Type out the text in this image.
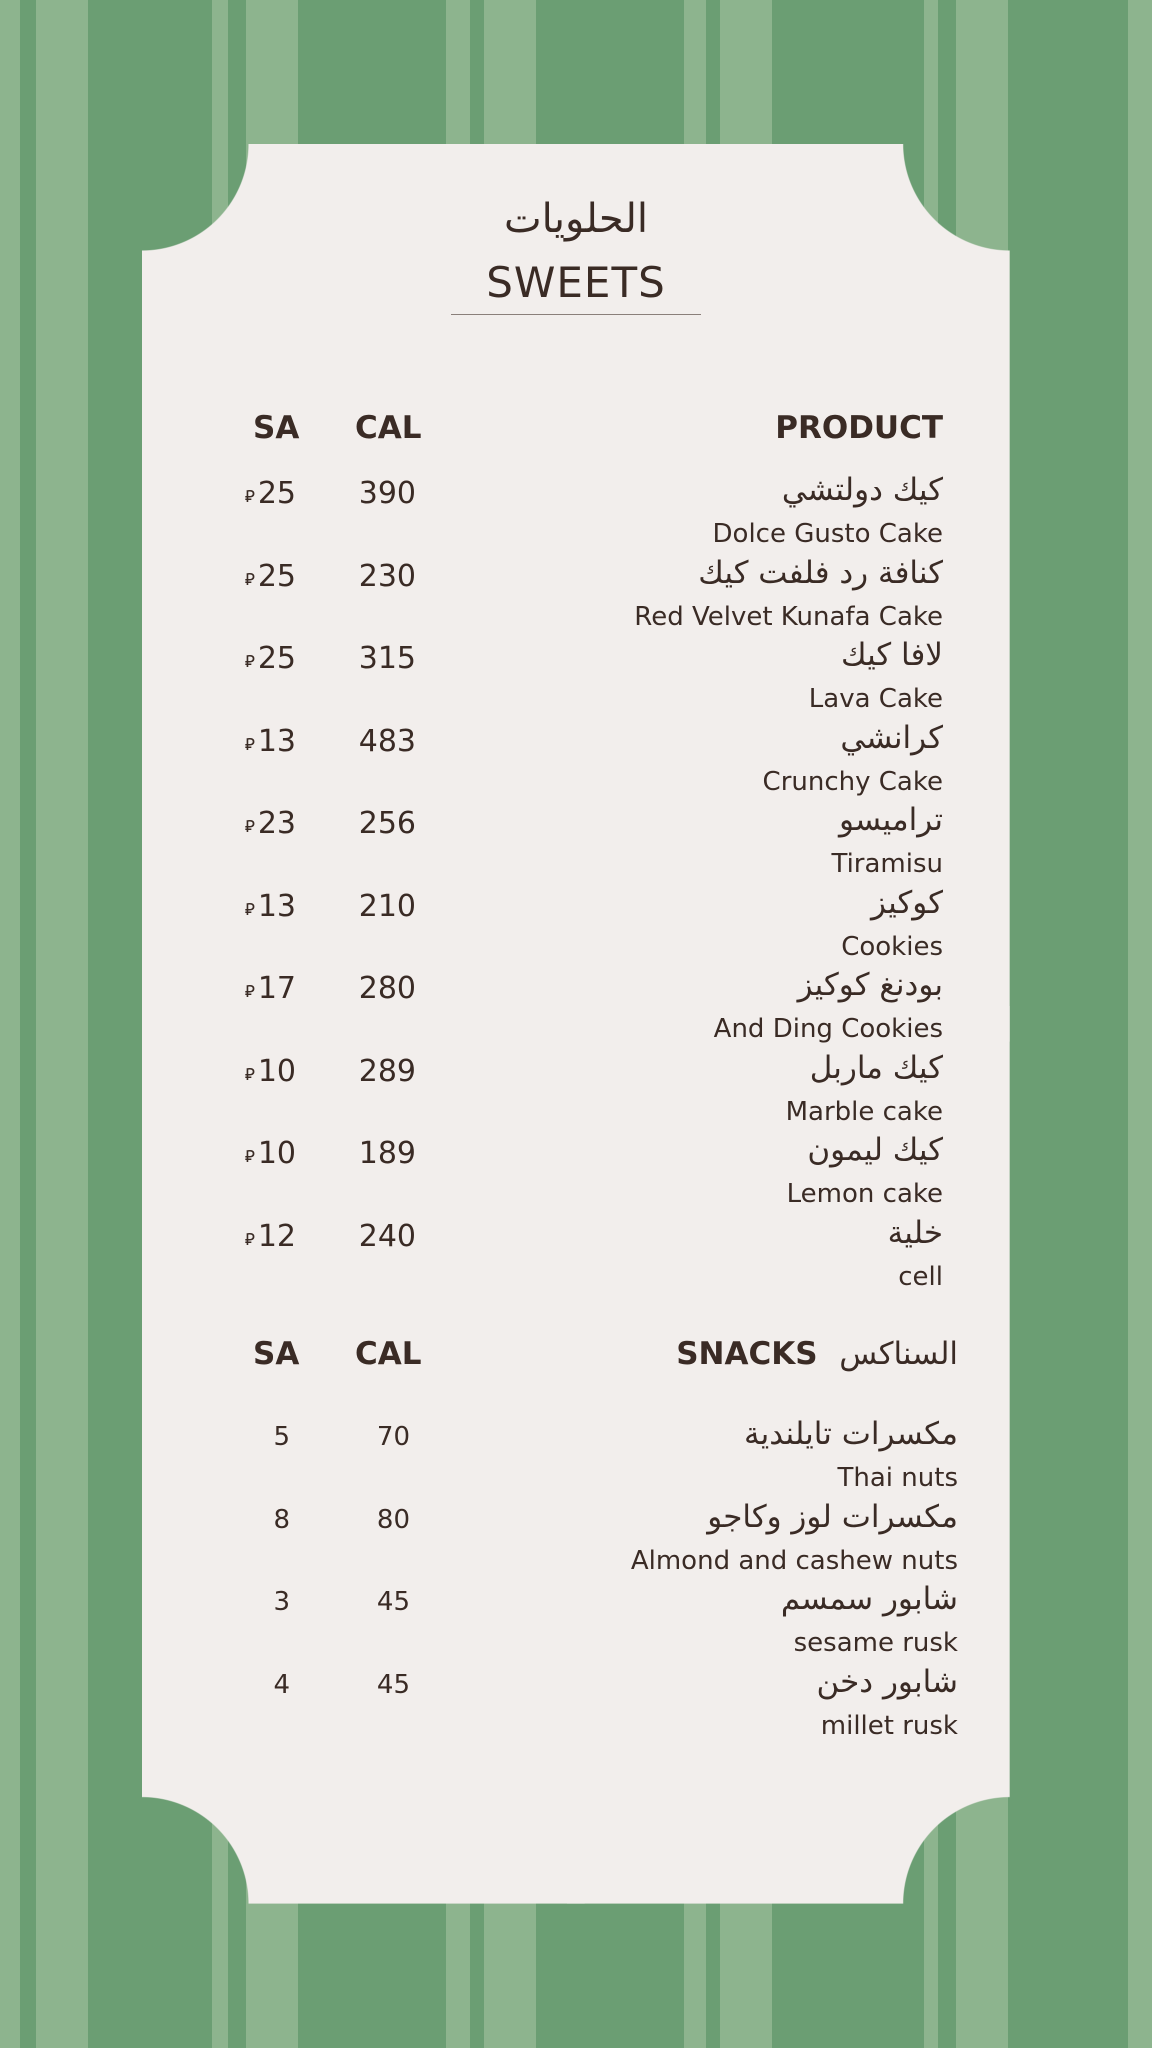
الحلويات
SWEETS
SA CAL	PRODUCT
كيك دولتشي
Dolce Gusto Cake
390
⃁ 25
كنافة رد فلفت كيك
Red Velvet Kunafa Cake
230
⃁ 25
لافا كيك
Lava Cake
315
⃁ 25
كرانشي
Crunchy Cake
483
⃁ 13
ترامیسو
Tiramisu
256
⃁ 23
كوكيز
Cookies
210
⃁ 13
بودنغ كوكيز
And Ding Cookies
280
⃁ 17
كيك ماربل
Marble cake
289
⃁ 10
كيك ليمون
Lemon cake
189
⃁ 10
خلية
cell
240
⃁ 12
SA CAL	SNACKS السناكس
مكسرات تايلندية
Thai nuts
70
5
مكسرات لوز وكاجو
Almond and cashew nuts
80
8
شابور سمسم
sesame rusk
45
3
شابور دخن
millet rusk
45
4
